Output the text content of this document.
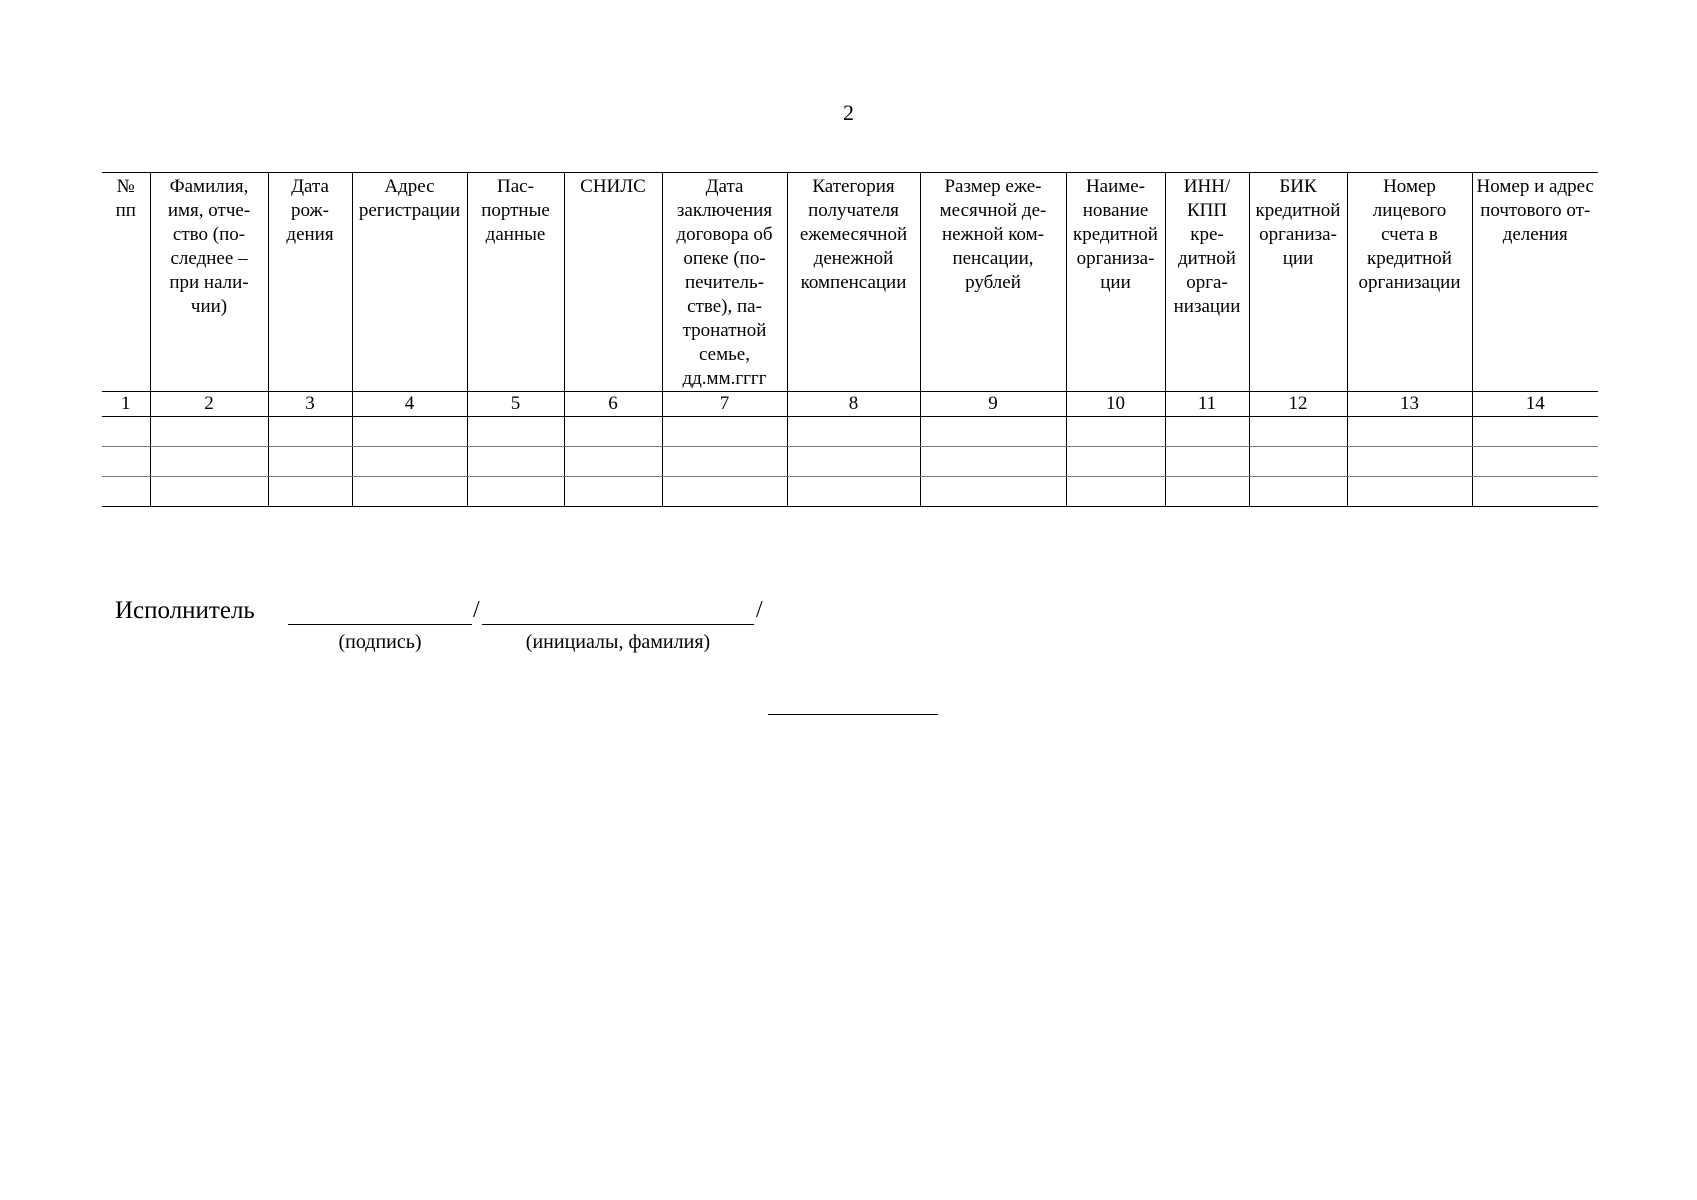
2
№ пп	Фамилия, имя, отчество (последнее – при наличии)	Дата рождения	Адрес регистрации	Паспортные данные	СНИЛС	Дата заключения договора об опеке (попечительстве), патронатной семье, дд.мм.гггг	Категория получателя ежемесячной денежной компенсации	Размер ежемесячной денежной компенсации, рублей	Наименование кредитной организации	ИНН/ КПП кредитной организации	БИК кредитной организации	Номер лицевого счета в кредитной организации	Номер и адрес почтового отделения
1	2	3	4	5	6	7	8	9	10	11	12	13	14

Исполнитель	/	/
(подпись)	(инициалы, фамилия)
